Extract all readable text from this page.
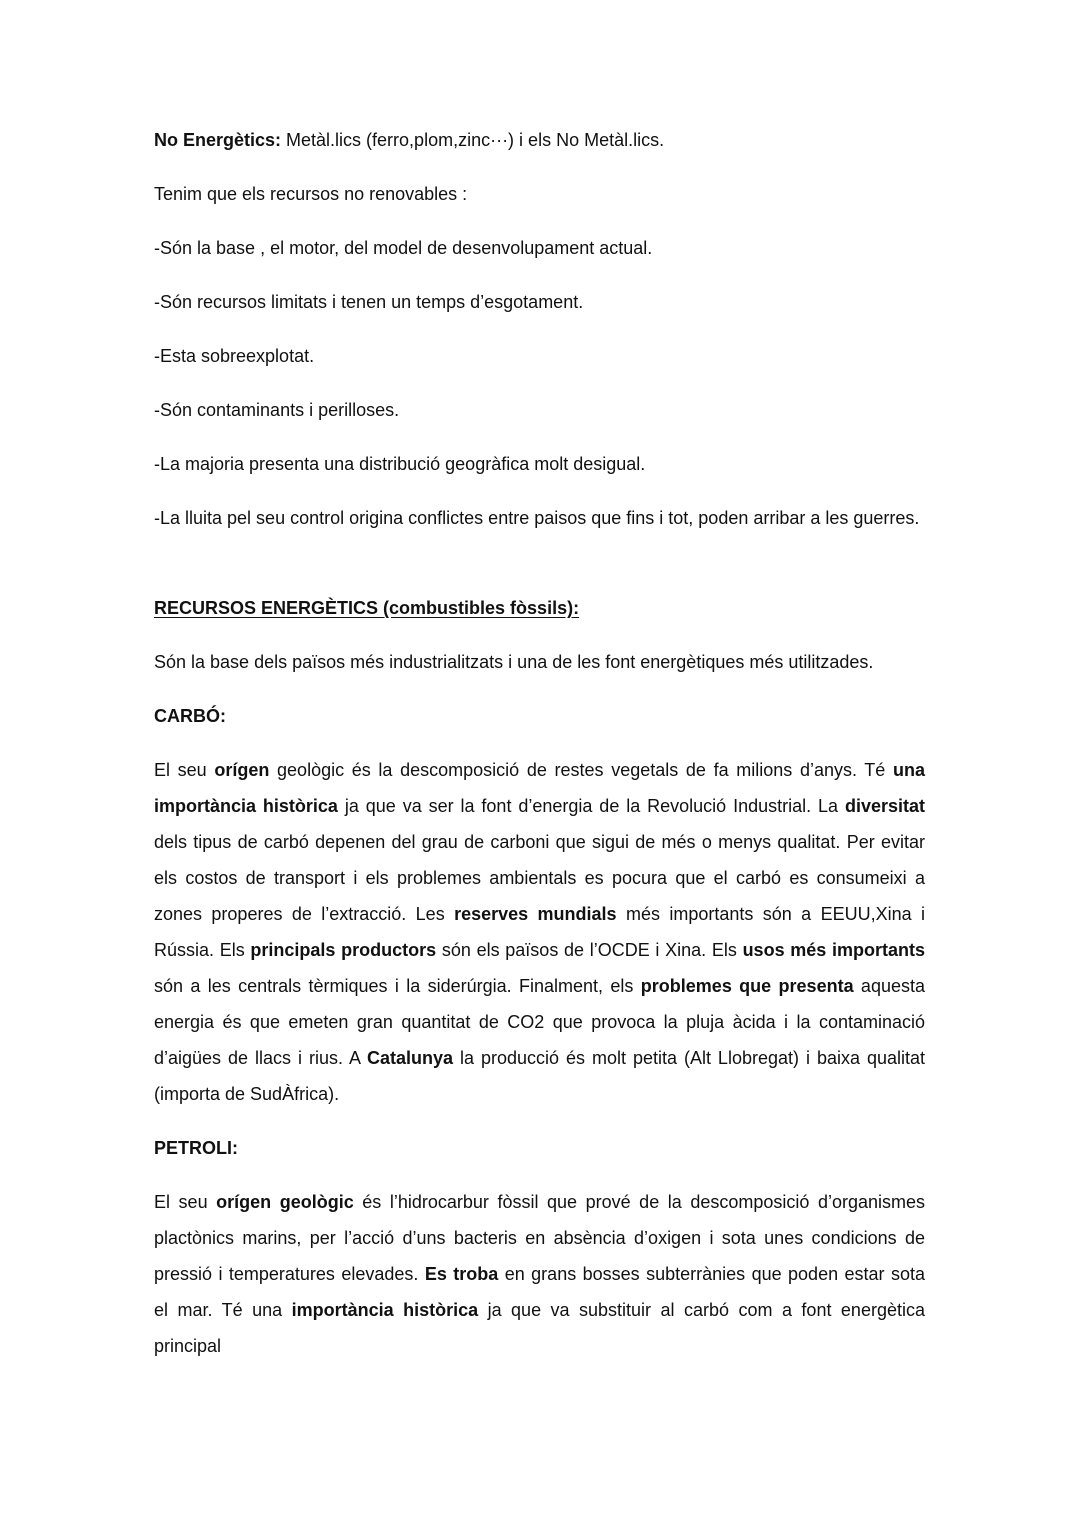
No Energètics: Metàl.lics (ferro,plom,zinc···) i els No Metàl.lics.

Tenim que els recursos no renovables :

-Són la base , el motor, del model de desenvolupament actual.

-Són recursos limitats i tenen un temps d’esgotament.

-Esta sobreexplotat.

-Són contaminants i perilloses.

-La majoria presenta una distribució geogràfica molt desigual.

-La lluita pel seu control origina conflictes entre paisos que fins i tot, poden arribar a les guerres.

RECURSOS ENERGÈTICS (combustibles fòssils):

Són la base dels països més industrialitzats i una de les font energètiques més utilitzades.

CARBÓ:

El seu orígen geològic és la descomposició de restes vegetals de fa milions d’anys. Té una importància històrica ja que va ser la font d’energia de la Revolució Industrial. La diversitat dels tipus de carbó depenen del grau de carboni que sigui de més o menys qualitat. Per evitar els costos de transport i els problemes ambientals es pocura que el carbó es consumeixi a zones properes de l’extracció. Les reserves mundials més importants són a EEUU,Xina i Rússia. Els principals productors són els països de l’OCDE i Xina. Els usos més importants són a les centrals tèrmiques i la siderúrgia. Finalment, els problemes que presenta aquesta energia és que emeten gran quantitat de CO2 que provoca la pluja àcida i la contaminació d’aigües de llacs i rius. A Catalunya la producció és molt petita (Alt Llobregat) i baixa qualitat (importa de SudÀfrica).

PETROLI:

El seu orígen geològic és l’hidrocarbur fòssil que prové de la descomposició d’organismes plactònics marins, per l’acció d’uns bacteris en absència d’oxigen i sota unes condicions de pressió i temperatures elevades. Es troba en grans bosses subterrànies que poden estar sota el mar. Té una importància històrica ja que va substituir al carbó com a font energètica principal
